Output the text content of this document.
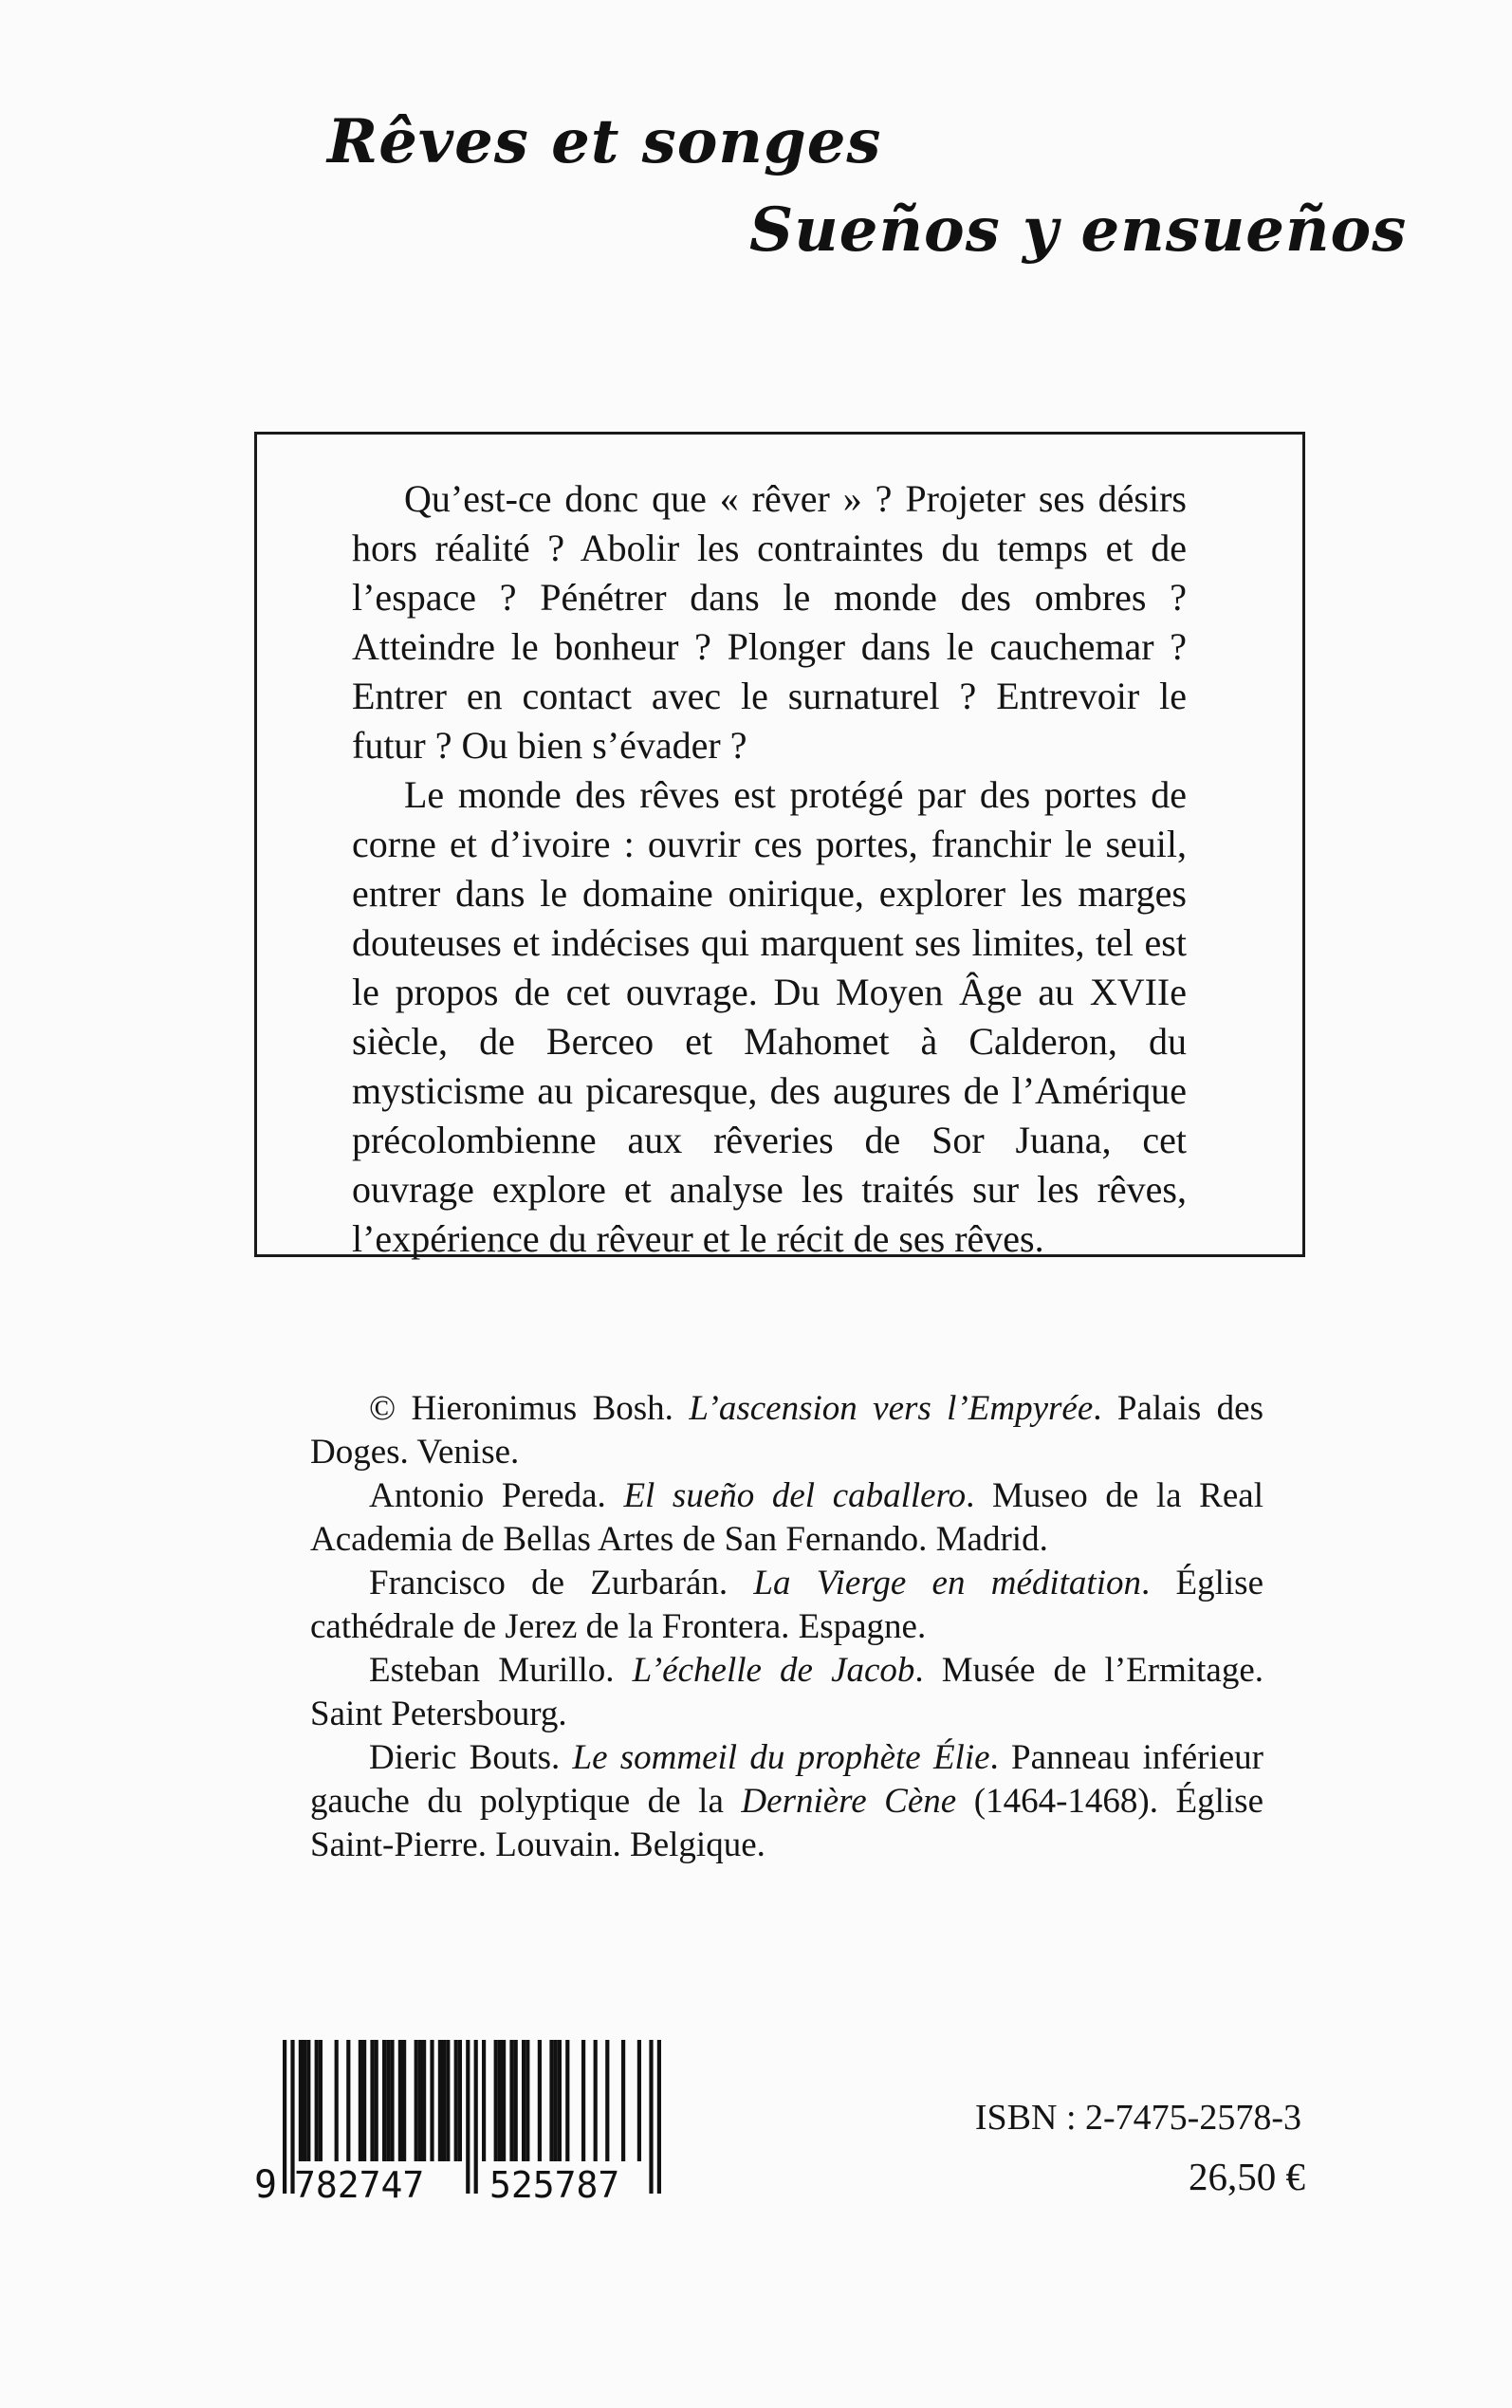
Rêves et songes
Sueños y ensueños

Qu’est-ce donc que « rêver » ? Projeter ses désirs hors réalité ? Abolir les contraintes du temps et de l’espace ? Pénétrer dans le monde des ombres ? Atteindre le bonheur ? Plonger dans le cauchemar ? Entrer en contact avec le surnaturel ? Entrevoir le futur ? Ou bien s’évader ?

Le monde des rêves est protégé par des portes de corne et d’ivoire : ouvrir ces portes, franchir le seuil, entrer dans le domaine onirique, explorer les marges douteuses et indécises qui marquent ses limites, tel est le propos de cet ouvrage. Du Moyen Âge au XVIIe siècle, de Berceo et Mahomet à Calderon, du mysticisme au picaresque, des augures de l’Amérique précolombienne aux rêveries de Sor Juana, cet ouvrage explore et analyse les traités sur les rêves, l’expérience du rêveur et le récit de ses rêves.

© Hieronimus Bosh. L’ascension vers l’Empyrée. Palais des Doges. Venise.

Antonio Pereda. El sueño del caballero. Museo de la Real Academia de Bellas Artes de San Fernando. Madrid.

Francisco de Zurbarán. La Vierge en méditation. Église cathédrale de Jerez de la Frontera. Espagne.

Esteban Murillo. L’échelle de Jacob. Musée de l’Ermitage. Saint Petersbourg.

Dieric Bouts. Le sommeil du prophète Élie. Panneau inférieur gauche du polyptique de la Dernière Cène (1464-1468). Église Saint-Pierre. Louvain. Belgique.

9 782747 525787
ISBN : 2-7475-2578-3
26,50 €
